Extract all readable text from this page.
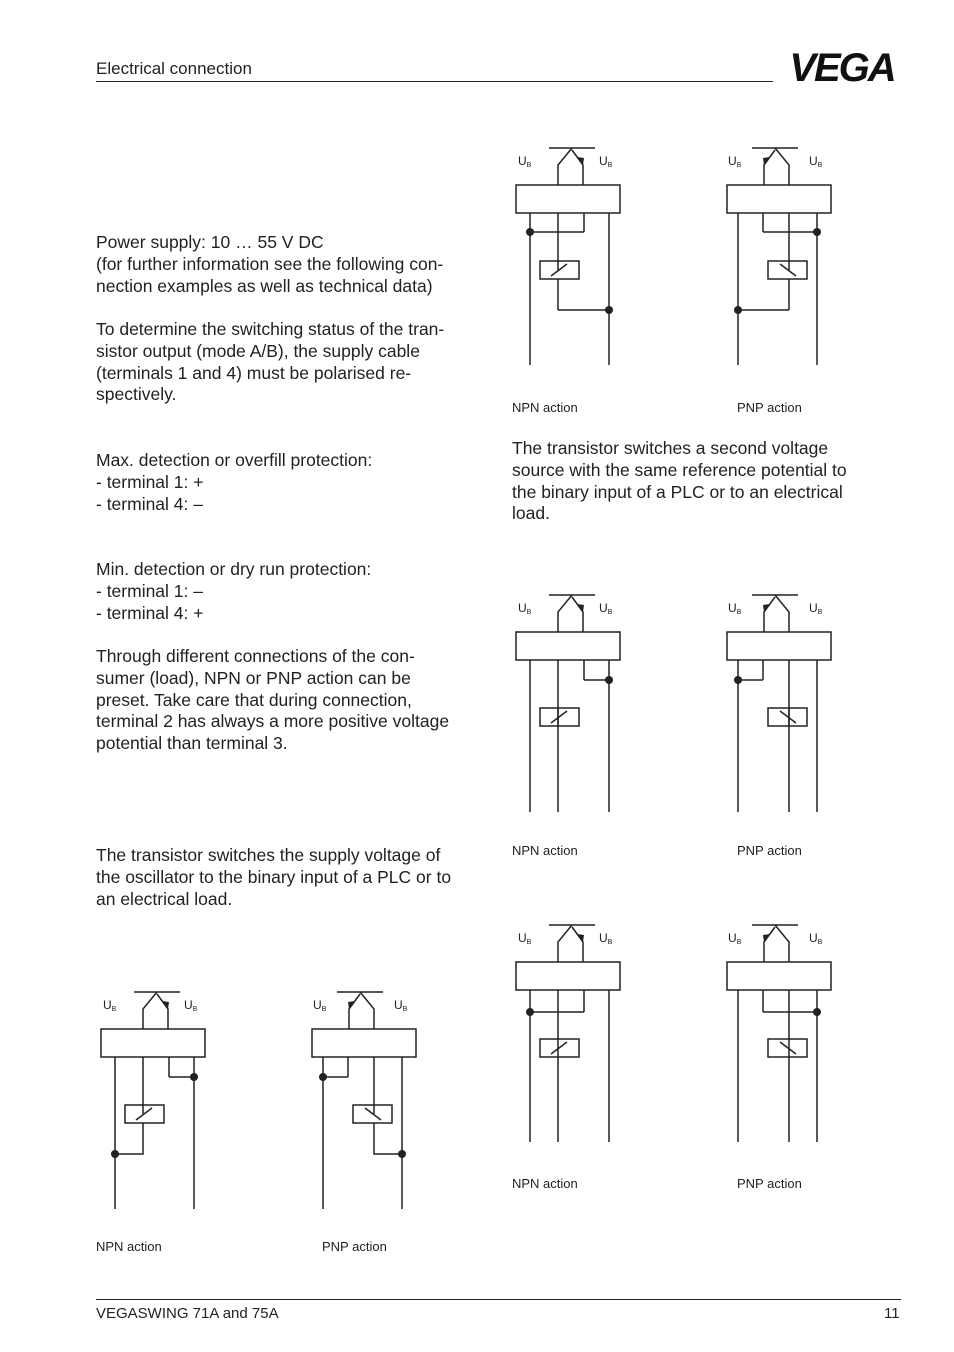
Electrical connection	VEGA
Power supply: 10 … 55 V DC
(for further information see the following con-
nection examples as well as technical data)
To determine the switching status of the tran-
sistor output (mode A/B), the supply cable
(terminals 1 and 4) must be polarised re-
spectively.
Max. detection or overfill protection:
- terminal 1: +
- terminal 4: –
Min. detection or dry run protection:
- terminal 1: –
- terminal 4: +
Through different connections of the con-
sumer (load), NPN or PNP action can be
preset. Take care that during connection,
terminal 2 has always a more positive voltage
potential than terminal 3.
The transistor switches the supply voltage of
the oscillator to the binary input of a PLC or to
an electrical load.
The transistor switches a second voltage
source with the same reference potential to
the binary input of a PLC or to an electrical
load.
UB	UB	UB	UB
UB	UB	UB	UB
UB	UB	UB	UB
UB	UB	UB	UB
NPN action	PNP action
NPN action	PNP action
NPN action	PNP action
NPN action	PNP action
VEGASWING 71A and 75A	11
